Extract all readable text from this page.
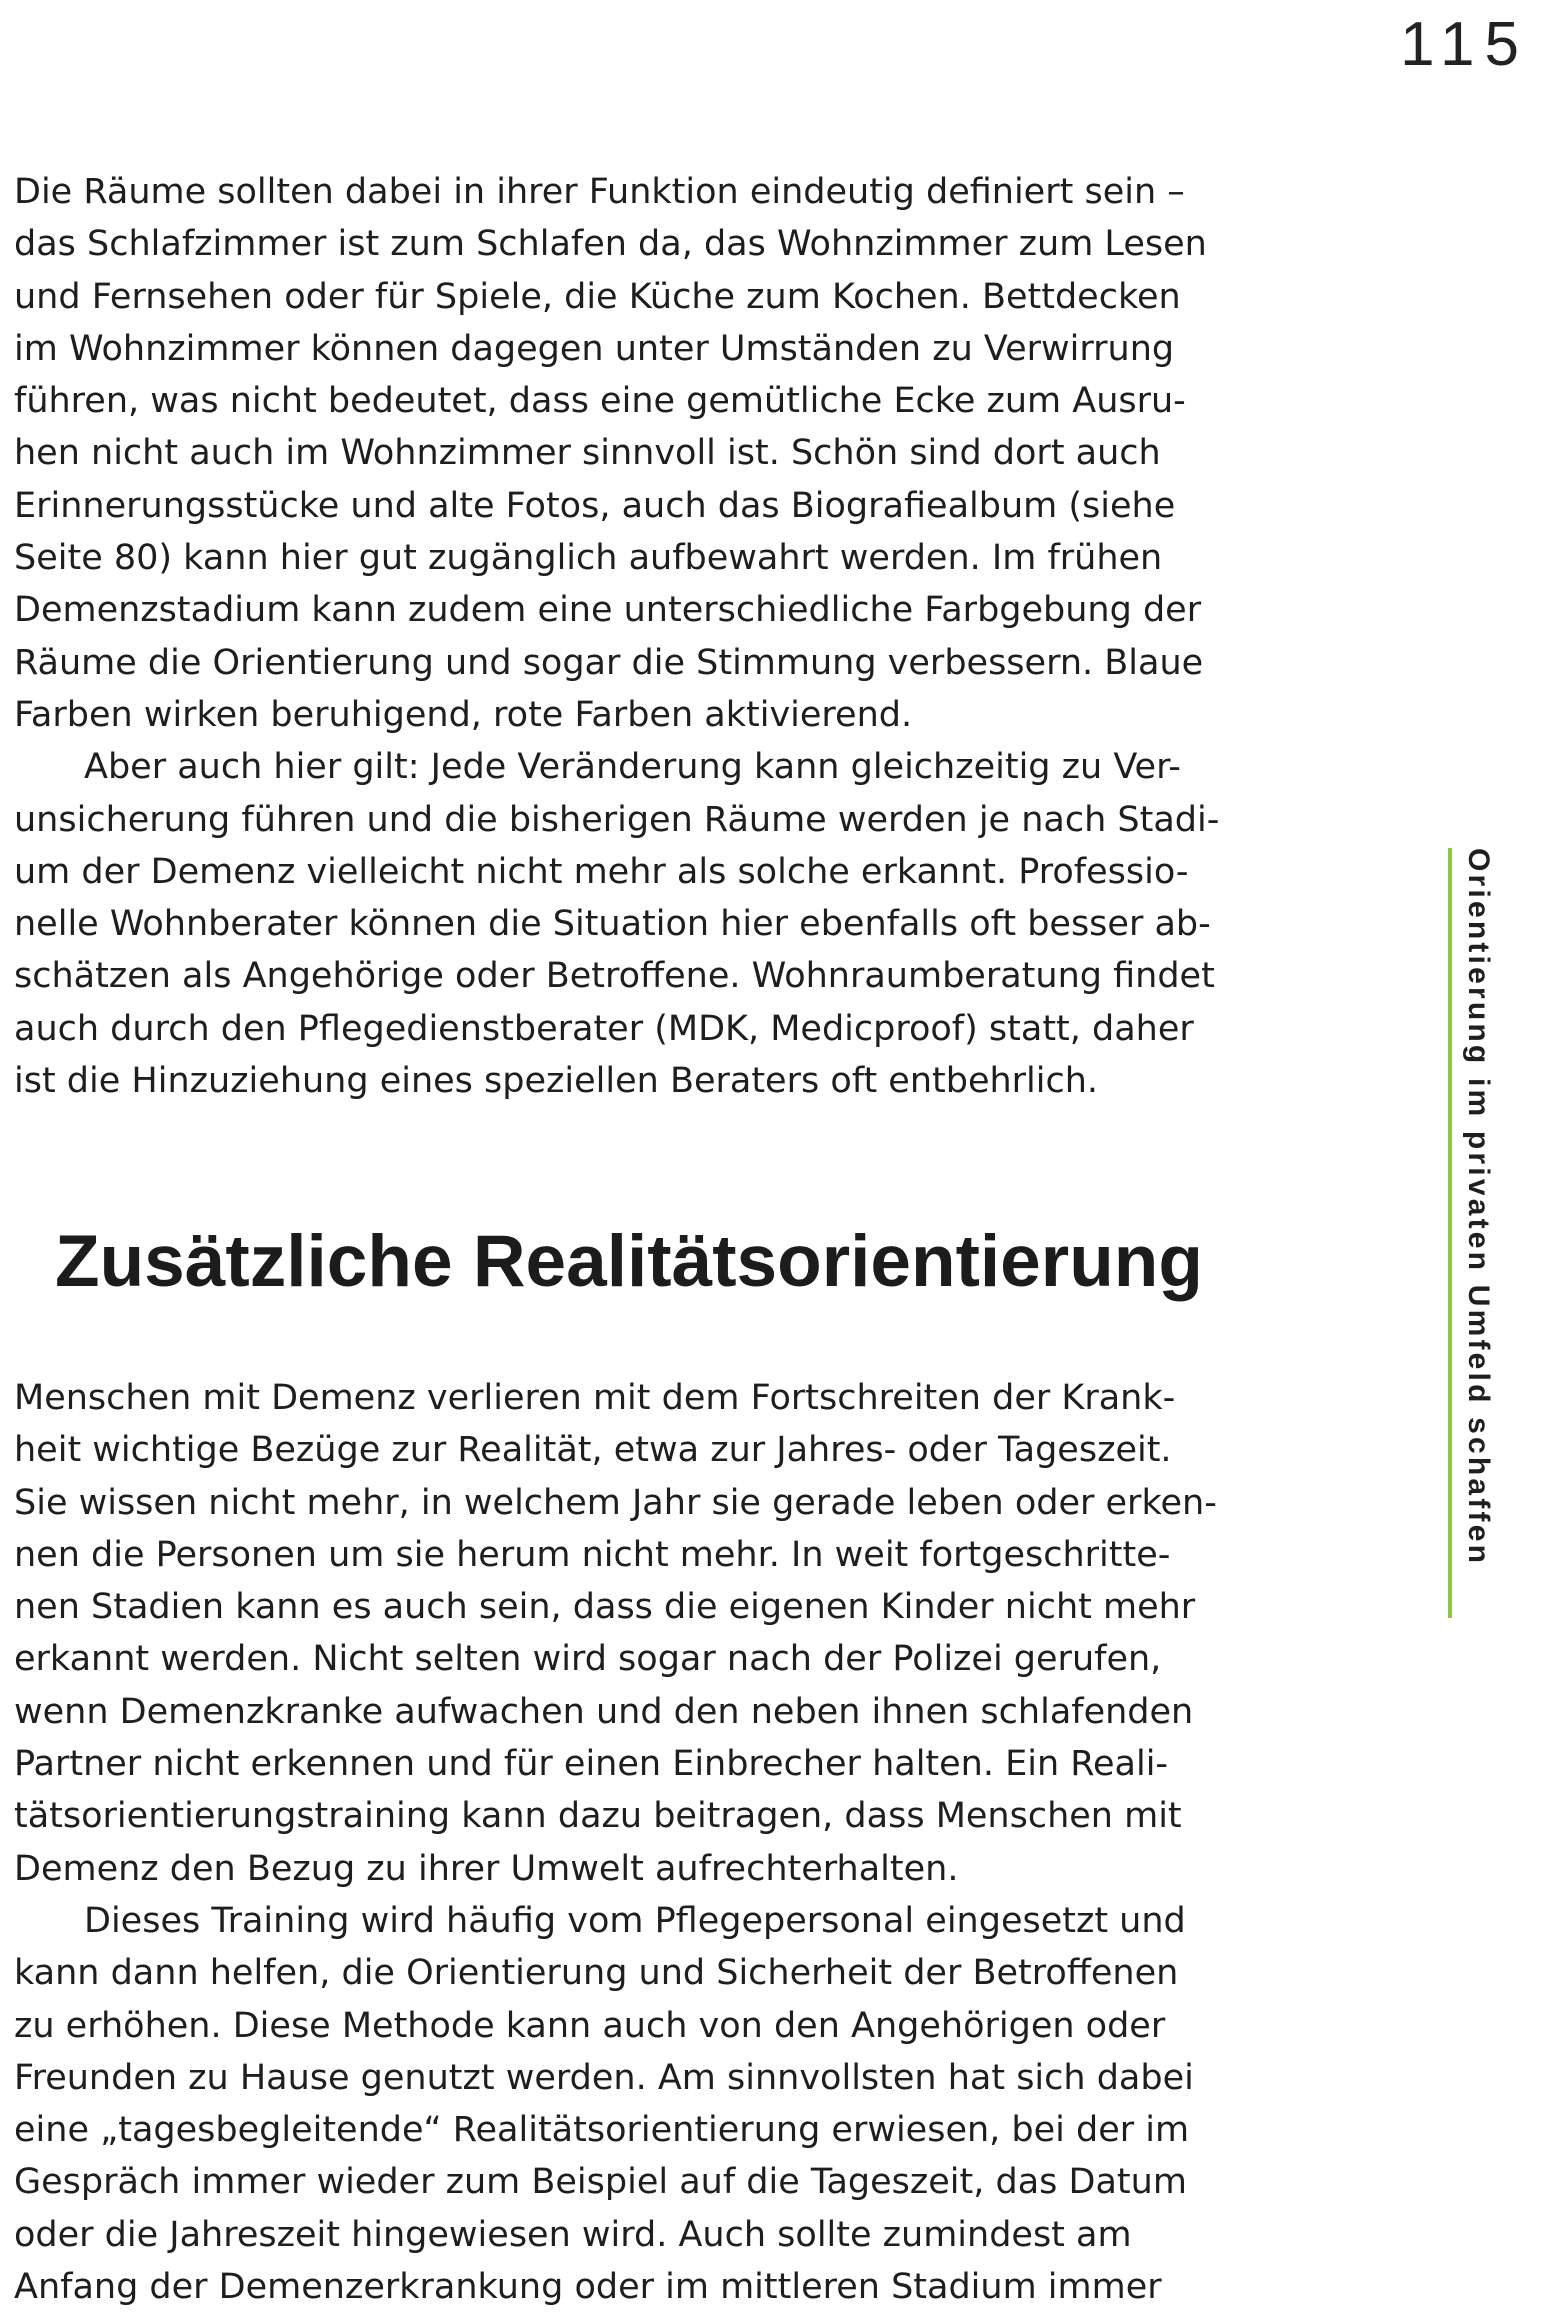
115
Die Räume sollten dabei in ihrer Funktion eindeutig definiert sein –
das Schlafzimmer ist zum Schlafen da, das Wohnzimmer zum Lesen
und Fernsehen oder für Spiele, die Küche zum Kochen. Bettdecken
im Wohnzimmer können dagegen unter Umständen zu Verwirrung
führen, was nicht bedeutet, dass eine gemütliche Ecke zum Ausru-
hen nicht auch im Wohnzimmer sinnvoll ist. Schön sind dort auch
Erinnerungsstücke und alte Fotos, auch das Biografiealbum (siehe
Seite 80) kann hier gut zugänglich aufbewahrt werden. Im frühen
Demenzstadium kann zudem eine unterschiedliche Farbgebung der
Räume die Orientierung und sogar die Stimmung verbessern. Blaue
Farben wirken beruhigend, rote Farben aktivierend.
Aber auch hier gilt: Jede Veränderung kann gleichzeitig zu Ver-
unsicherung führen und die bisherigen Räume werden je nach Stadi-
um der Demenz vielleicht nicht mehr als solche erkannt. Professio-
nelle Wohnberater können die Situation hier ebenfalls oft besser ab-
schätzen als Angehörige oder Betroffene. Wohnraumberatung findet
auch durch den Pflegedienstberater (MDK, Medicproof) statt, daher
ist die Hinzuziehung eines speziellen Beraters oft entbehrlich.
Zusätzliche Realitätsorientierung
Menschen mit Demenz verlieren mit dem Fortschreiten der Krank-
heit wichtige Bezüge zur Realität, etwa zur Jahres- oder Tageszeit.
Sie wissen nicht mehr, in welchem Jahr sie gerade leben oder erken-
nen die Personen um sie herum nicht mehr. In weit fortgeschritte-
nen Stadien kann es auch sein, dass die eigenen Kinder nicht mehr
erkannt werden. Nicht selten wird sogar nach der Polizei gerufen,
wenn Demenzkranke aufwachen und den neben ihnen schlafenden
Partner nicht erkennen und für einen Einbrecher halten. Ein Reali-
tätsorientierungstraining kann dazu beitragen, dass Menschen mit
Demenz den Bezug zu ihrer Umwelt aufrechterhalten.
Dieses Training wird häufig vom Pflegepersonal eingesetzt und
kann dann helfen, die Orientierung und Sicherheit der Betroffenen
zu erhöhen. Diese Methode kann auch von den Angehörigen oder
Freunden zu Hause genutzt werden. Am sinnvollsten hat sich dabei
eine „tagesbegleitende“ Realitätsorientierung erwiesen, bei der im
Gespräch immer wieder zum Beispiel auf die Tageszeit, das Datum
oder die Jahreszeit hingewiesen wird. Auch sollte zumindest am
Anfang der Demenzerkrankung oder im mittleren Stadium immer
Orientierung im privaten Umfeld schaffen
